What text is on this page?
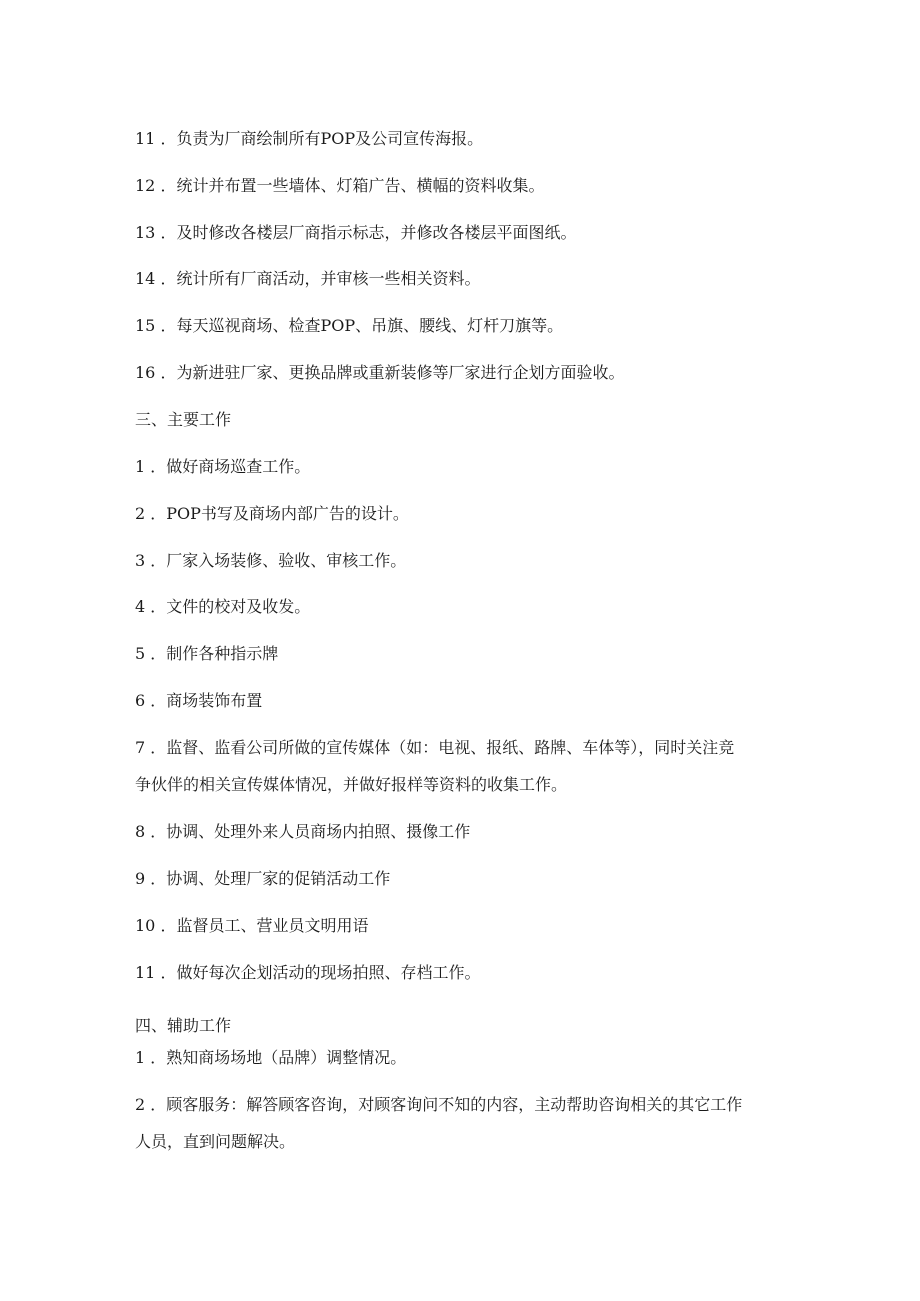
11 ．负责为厂商绘制所有POP及公司宣传海报。
12 ．统计并布置一些墙体、灯箱广告、横幅的资料收集。
13 ．及时修改各楼层厂商指示标志，并修改各楼层平面图纸。
14 ．统计所有厂商活动，并审核一些相关资料。
15 ．每天巡视商场、检查POP、吊旗、腰线、灯杆刀旗等。
16 ．为新进驻厂家、更换品牌或重新装修等厂家进行企划方面验收。
三、主要工作
1 ．做好商场巡查工作。
2 ．POP书写及商场内部广告的设计。
3 ．厂家入场装修、验收、审核工作。
4 ．文件的校对及收发。
5 ．制作各种指示牌
6 ．商场装饰布置
7 ．监督、监看公司所做的宣传媒体（如：电视、报纸、路牌、车体等），同时关注竞
争伙伴的相关宣传媒体情况，并做好报样等资料的收集工作。
8 ．协调、处理外来人员商场内拍照、摄像工作
9 ．协调、处理厂家的促销活动工作
10 ．监督员工、营业员文明用语
11 ．做好每次企划活动的现场拍照、存档工作。
四、辅助工作
1 ．熟知商场场地（品牌）调整情况。
2 ．顾客服务：解答顾客咨询，对顾客询问不知的内容，主动帮助咨询相关的其它工作
人员，直到问题解决。
